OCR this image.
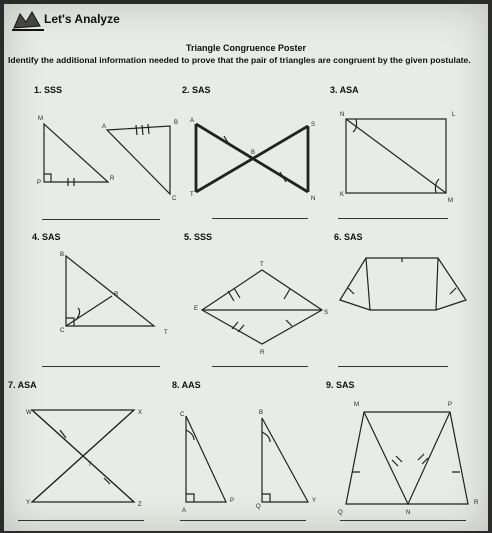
Let's Analyze
Triangle Congruence Poster
Identify the additional information needed to prove that the pair of triangles are congruent by the given postulate.
1. SSS	2. SAS	3. ASA
4. SAS	5. SSS	6. SAS
7. ASA	8. AAS	9. SAS
M
A
B
P
R
C
A
S
B
T
N
N	L
K
M
B
R
C	T
T
E
S
R
W	X
T
Y	Z
C	B
A
P
Q
Y
M	P
R
Q	N
